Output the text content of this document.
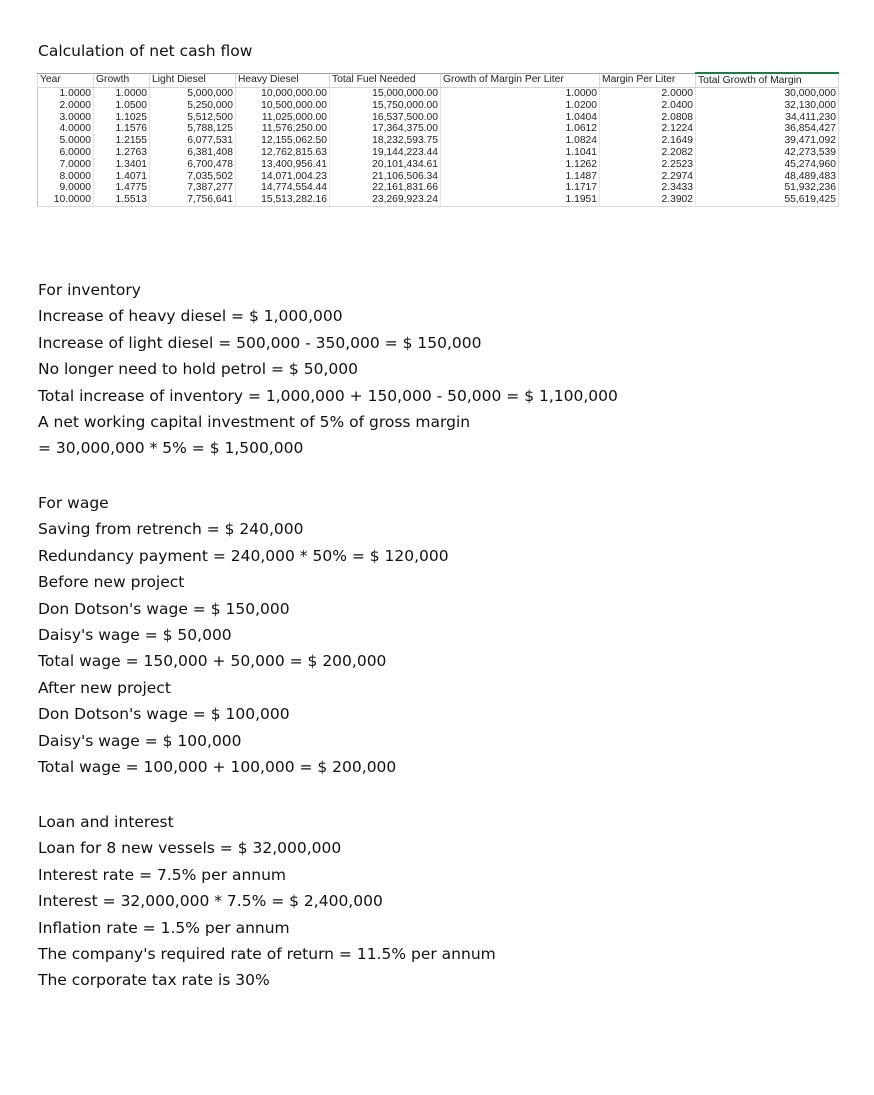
Calculation of net cash flow
Year	Growth	Light Diesel	Heavy Diesel	Total Fuel Needed	Growth of Margin Per Liter	Margin Per Liter	Total Growth of Margin
1.0000	1.0000	5,000,000	10,000,000.00	15,000,000.00	1.0000	2.0000	30,000,000
2.0000	1.0500	5,250,000	10,500,000.00	15,750,000.00	1.0200	2.0400	32,130,000
3.0000	1.1025	5,512,500	11,025,000.00	16,537,500.00	1.0404	2.0808	34,411,230
4.0000	1.1576	5,788,125	11,576,250.00	17,364,375.00	1.0612	2.1224	36,854,427
5.0000	1.2155	6,077,531	12,155,062.50	18,232,593.75	1.0824	2.1649	39,471,092
6.0000	1.2763	6,381,408	12,762,815.63	19,144,223.44	1.1041	2.2082	42,273,539
7.0000	1.3401	6,700,478	13,400,956.41	20,101,434.61	1.1262	2.2523	45,274,960
8.0000	1.4071	7,035,502	14,071,004.23	21,106,506.34	1.1487	2.2974	48,489,483
9.0000	1.4775	7,387,277	14,774,554.44	22,161,831.66	1.1717	2.3433	51,932,236
10.0000	1.5513	7,756,641	15,513,282.16	23,269,923.24	1.1951	2.3902	55,619,425
For inventory
Increase of heavy diesel = $ 1,000,000
Increase of light diesel = 500,000 - 350,000 = $ 150,000
No longer need to hold petrol = $ 50,000
Total increase of inventory = 1,000,000 + 150,000 - 50,000 = $ 1,100,000
A net working capital investment of 5% of gross margin
= 30,000,000 * 5% = $ 1,500,000
For wage
Saving from retrench = $ 240,000
Redundancy payment = 240,000 * 50% = $ 120,000
Before new project
Don Dotson's wage = $ 150,000
Daisy's wage = $ 50,000
Total wage = 150,000 + 50,000 = $ 200,000
After new project
Don Dotson's wage = $ 100,000
Daisy's wage = $ 100,000
Total wage = 100,000 + 100,000 = $ 200,000
Loan and interest
Loan for 8 new vessels = $ 32,000,000
Interest rate = 7.5% per annum
Interest = 32,000,000 * 7.5% = $ 2,400,000
Inflation rate = 1.5% per annum
The company's required rate of return = 11.5% per annum
The corporate tax rate is 30%
